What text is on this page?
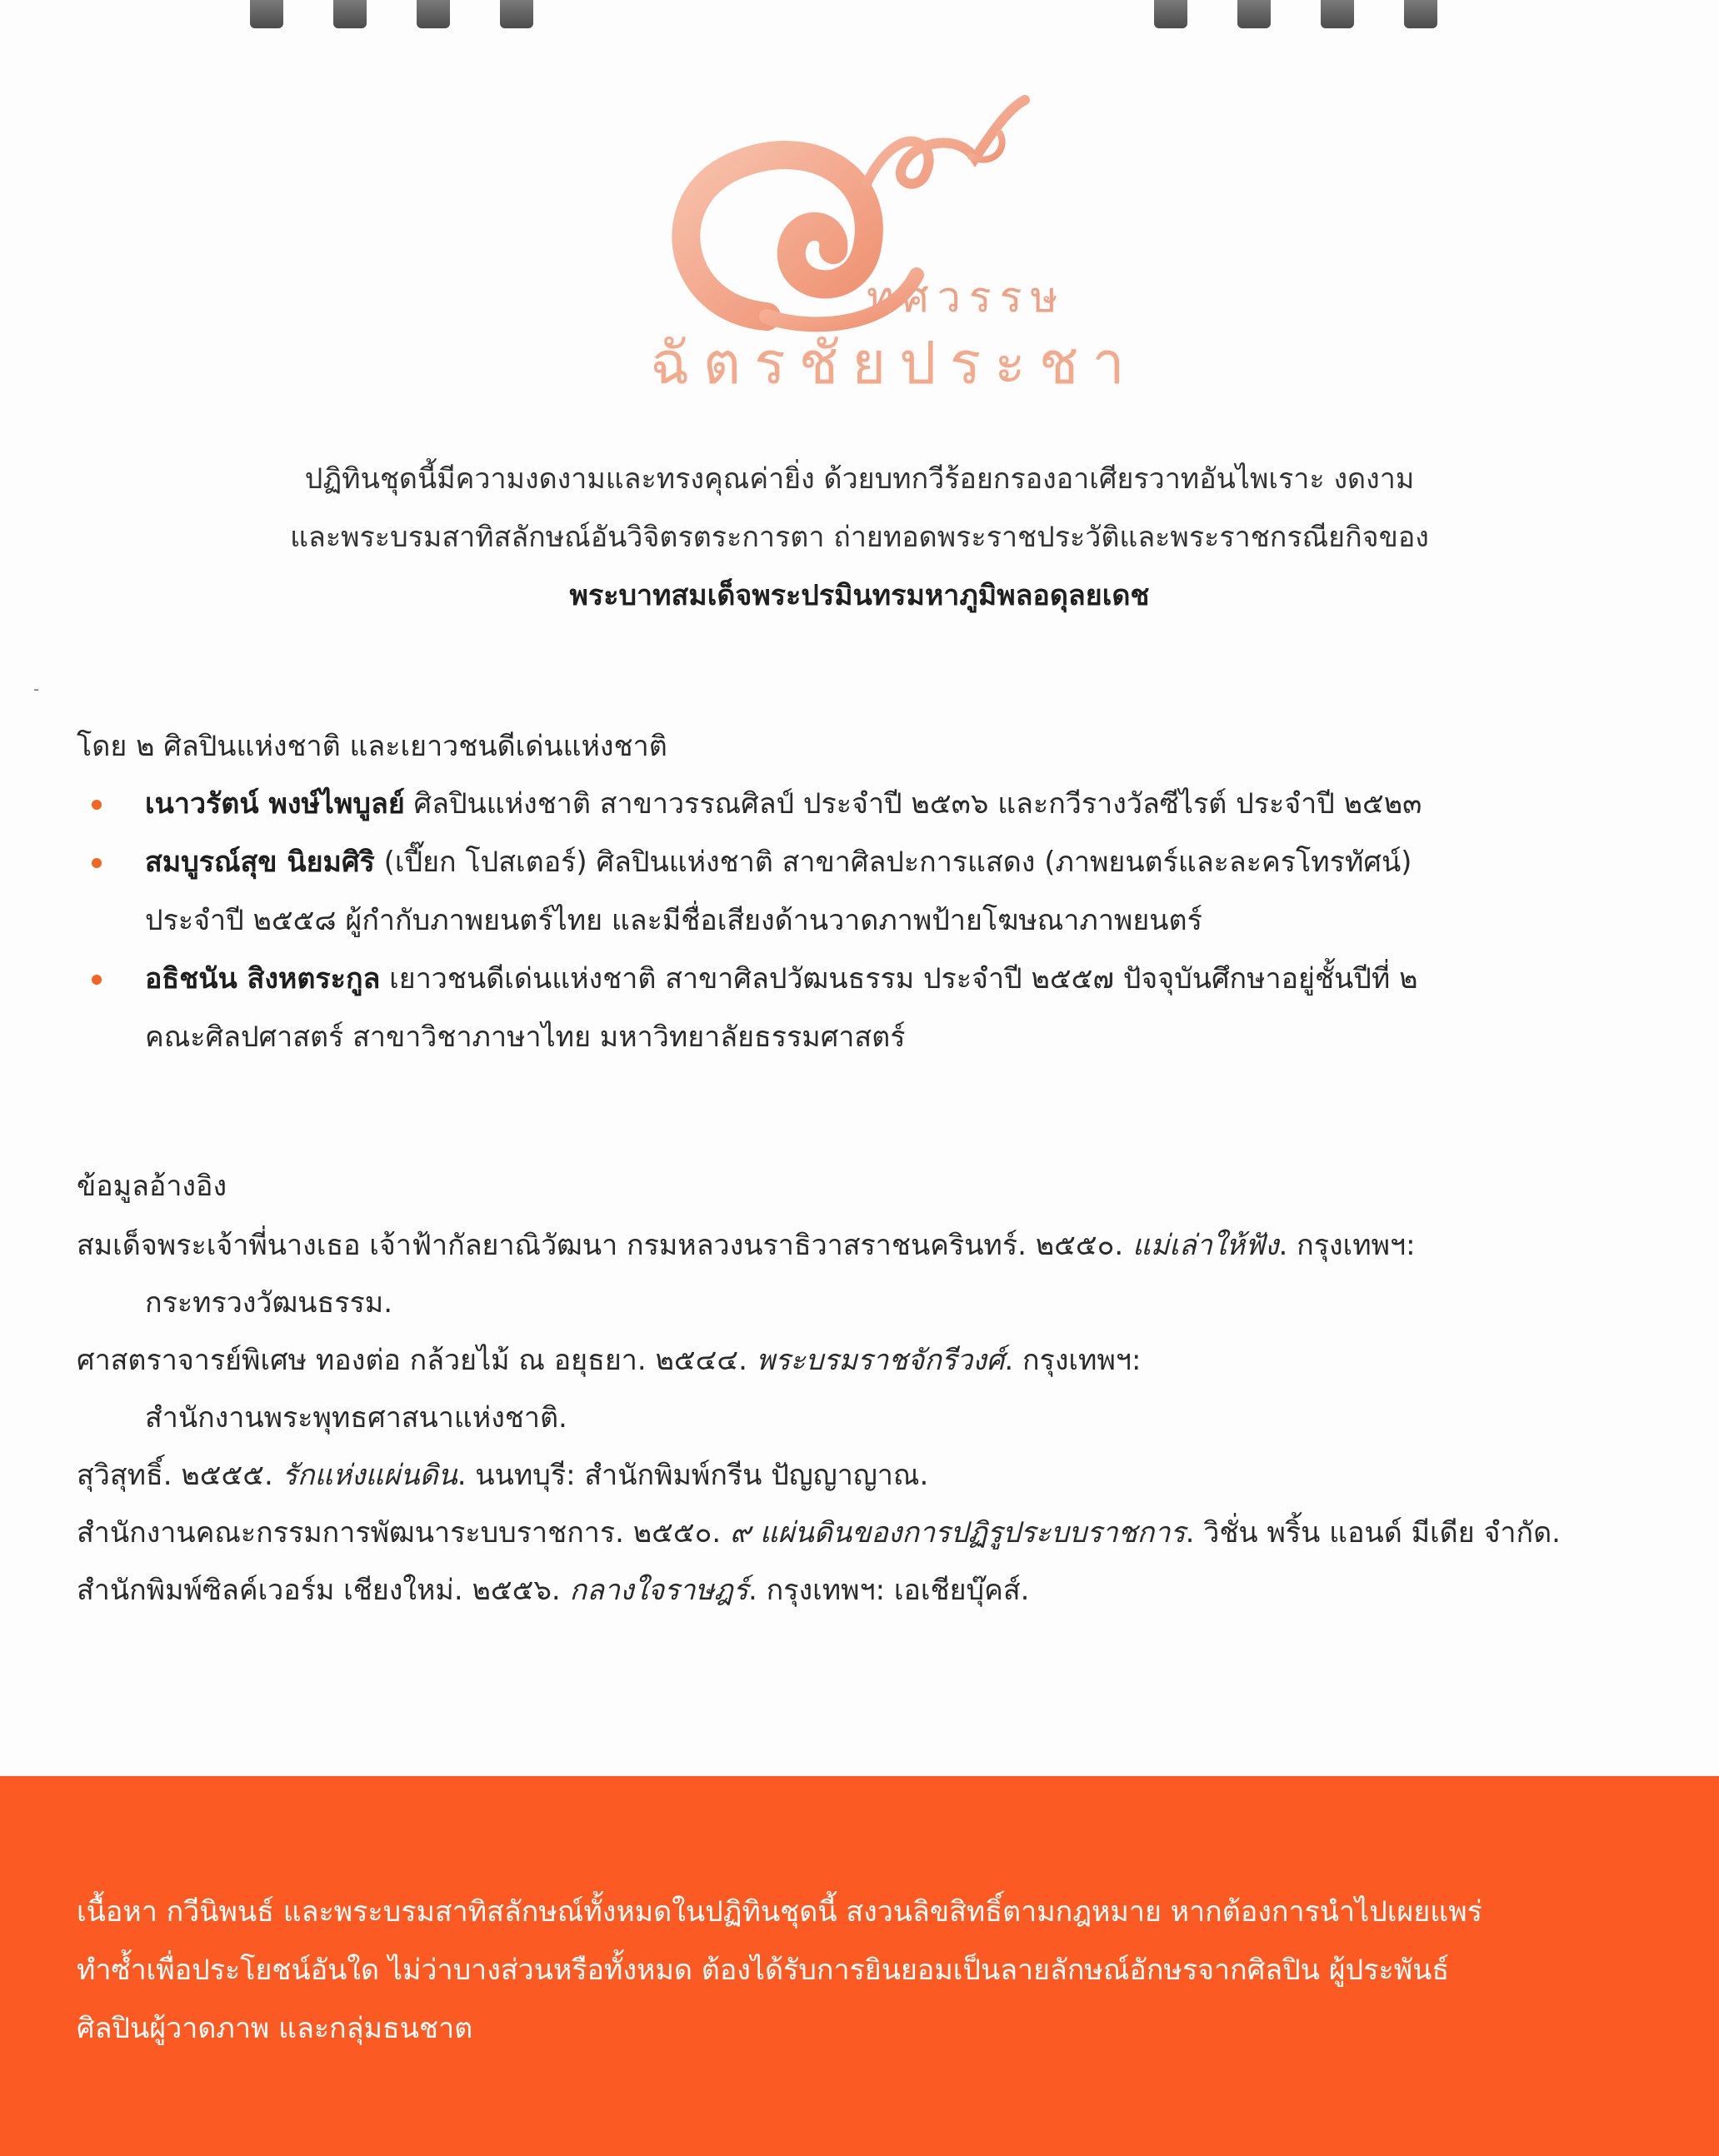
ทศวรรษ
ฉัตรชัยประชา
ปฏิทินชุดนี้มีความงดงามและทรงคุณค่ายิ่ง ด้วยบทกวีร้อยกรองอาเศียรวาทอันไพเราะ งดงาม
และพระบรมสาทิสลักษณ์อันวิจิตรตระการตา ถ่ายทอดพระราชประวัติและพระราชกรณียกิจของ
พระบาทสมเด็จพระปรมินทรมหาภูมิพลอดุลยเดช
-
โดย ๒ ศิลปินแห่งชาติ และเยาวชนดีเด่นแห่งชาติ
เนาวรัตน์ พงษ์ไพบูลย์ ศิลปินแห่งชาติ สาขาวรรณศิลป์ ประจำปี ๒๕๓๖ และกวีรางวัลซีไรต์ ประจำปี ๒๕๒๓
สมบูรณ์สุข นิยมศิริ (เปี๊ยก โปสเตอร์) ศิลปินแห่งชาติ สาขาศิลปะการแสดง (ภาพยนตร์และละครโทรทัศน์)
ประจำปี ๒๕๕๘ ผู้กำกับภาพยนตร์ไทย และมีชื่อเสียงด้านวาดภาพป้ายโฆษณาภาพยนตร์
อธิชนัน สิงหตระกูล เยาวชนดีเด่นแห่งชาติ สาขาศิลปวัฒนธรรม ประจำปี ๒๕๕๗ ปัจจุบันศึกษาอยู่ชั้นปีที่ ๒
คณะศิลปศาสตร์ สาขาวิชาภาษาไทย มหาวิทยาลัยธรรมศาสตร์
ข้อมูลอ้างอิง
สมเด็จพระเจ้าพี่นางเธอ เจ้าฟ้ากัลยาณิวัฒนา กรมหลวงนราธิวาสราชนครินทร์. ๒๕๕๐. แม่เล่าให้ฟัง. กรุงเทพฯ:
กระทรวงวัฒนธรรม.
ศาสตราจารย์พิเศษ ทองต่อ กล้วยไม้ ณ อยุธยา. ๒๕๔๔. พระบรมราชจักรีวงศ์. กรุงเทพฯ:
สำนักงานพระพุทธศาสนาแห่งชาติ.
สุวิสุทธิ์. ๒๕๕๕. รักแห่งแผ่นดิน. นนทบุรี: สำนักพิมพ์กรีน ปัญญาญาณ.
สำนักงานคณะกรรมการพัฒนาระบบราชการ. ๒๕๕๐. ๙ แผ่นดินของการปฏิรูประบบราชการ. วิชั่น พริ้น แอนด์ มีเดีย จำกัด.
สำนักพิมพ์ซิลค์เวอร์ม เชียงใหม่. ๒๕๕๖. กลางใจราษฎร์. กรุงเทพฯ: เอเชียบุ๊คส์.
เนื้อหา กวีนิพนธ์ และพระบรมสาทิสลักษณ์ทั้งหมดในปฏิทินชุดนี้ สงวนลิขสิทธิ์ตามกฎหมาย หากต้องการนำไปเผยแพร่
ทำซ้ำเพื่อประโยชน์อันใด ไม่ว่าบางส่วนหรือทั้งหมด ต้องได้รับการยินยอมเป็นลายลักษณ์อักษรจากศิลปิน ผู้ประพันธ์
ศิลปินผู้วาดภาพ และกลุ่มธนชาต
